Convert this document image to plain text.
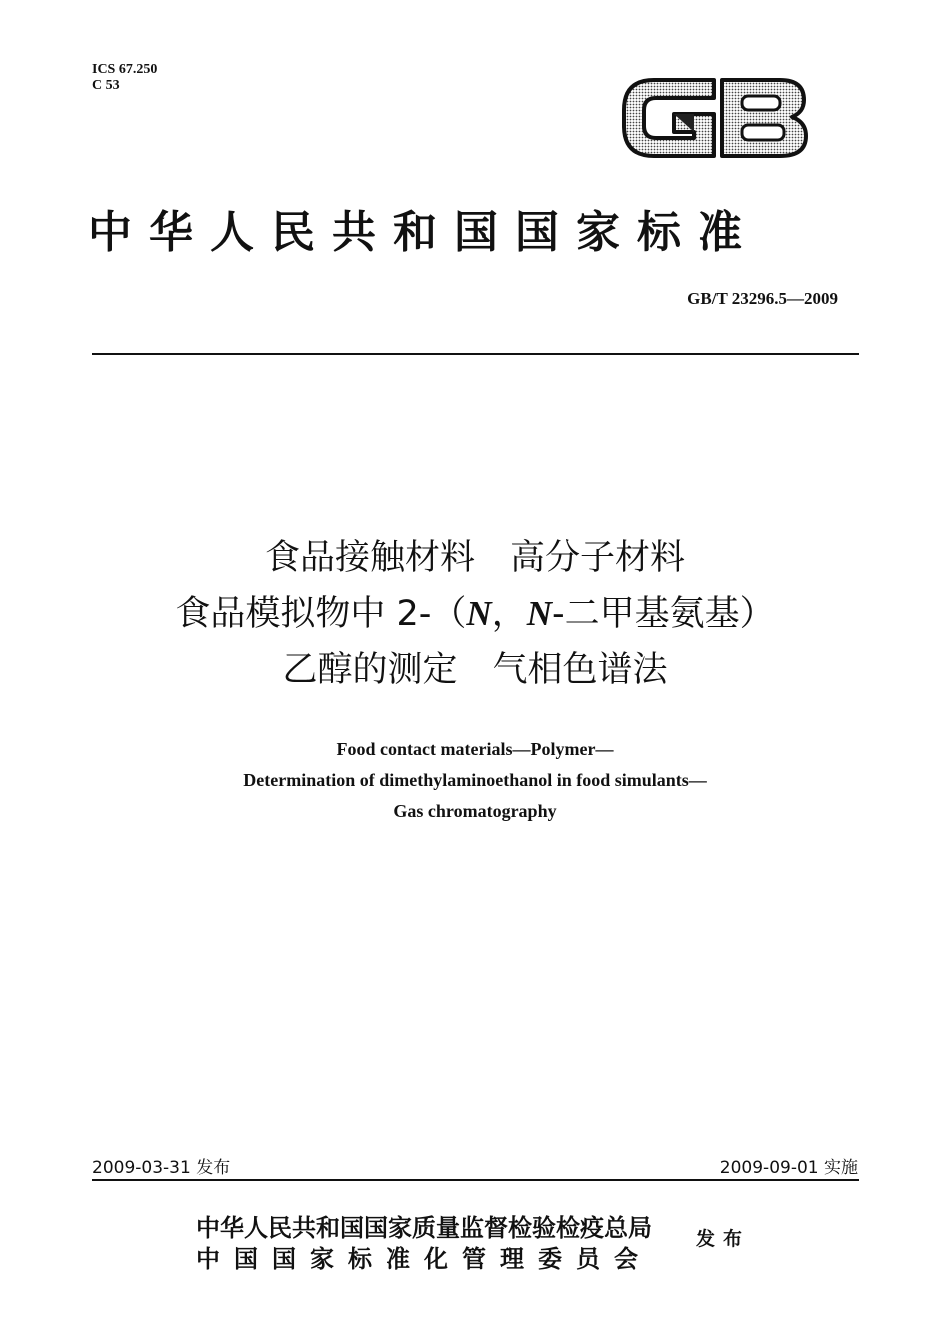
ICS 67.250
C 53
中华人民共和国国家标准
GB/T 23296.5—2009
食品接触材料　高分子材料
食品模拟物中 2-（N，N-二甲基氨基）
乙醇的测定　气相色谱法
Food contact materials—Polymer—
Determination of dimethylaminoethanol in food simulants—
Gas chromatography
2009-03-31 发布	2009-09-01 实施
中华人民共和国国家质量监督检验检疫总局
中国国家标准化管理委员会
发布
